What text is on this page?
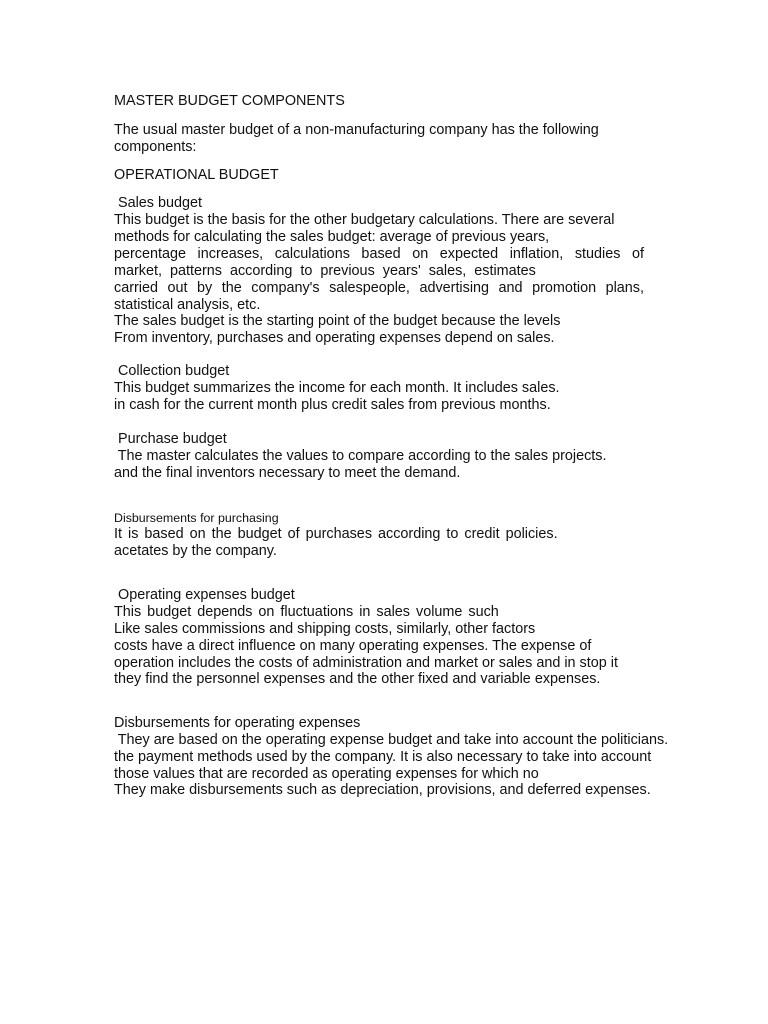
MASTER BUDGET COMPONENTS

The usual master budget of a non-manufacturing company has the following

components:

OPERATIONAL BUDGET

Sales budget

This budget is the basis for the other budgetary calculations. There are several

methods for calculating the sales budget: average of previous years,

percentage increases, calculations based on expected inflation, studies of

market, patterns according to previous years' sales, estimates

carried out by the company's salespeople, advertising and promotion plans,

statistical analysis, etc.

The sales budget is the starting point of the budget because the levels

From inventory, purchases and operating expenses depend on sales.

Collection budget

This budget summarizes the income for each month. It includes sales.

in cash for the current month plus credit sales from previous months.

Purchase budget

The master calculates the values to compare according to the sales projects.

and the final inventors necessary to meet the demand.

Disbursements for purchasing

It is based on the budget of purchases according to credit policies.

acetates by the company.

Operating expenses budget

This budget depends on fluctuations in sales volume such

Like sales commissions and shipping costs, similarly, other factors

costs have a direct influence on many operating expenses. The expense of

operation includes the costs of administration and market or sales and in stop it

they find the personnel expenses and the other fixed and variable expenses.

Disbursements for operating expenses

They are based on the operating expense budget and take into account the politicians.

the payment methods used by the company. It is also necessary to take into account

those values that are recorded as operating expenses for which no

They make disbursements such as depreciation, provisions, and deferred expenses.
